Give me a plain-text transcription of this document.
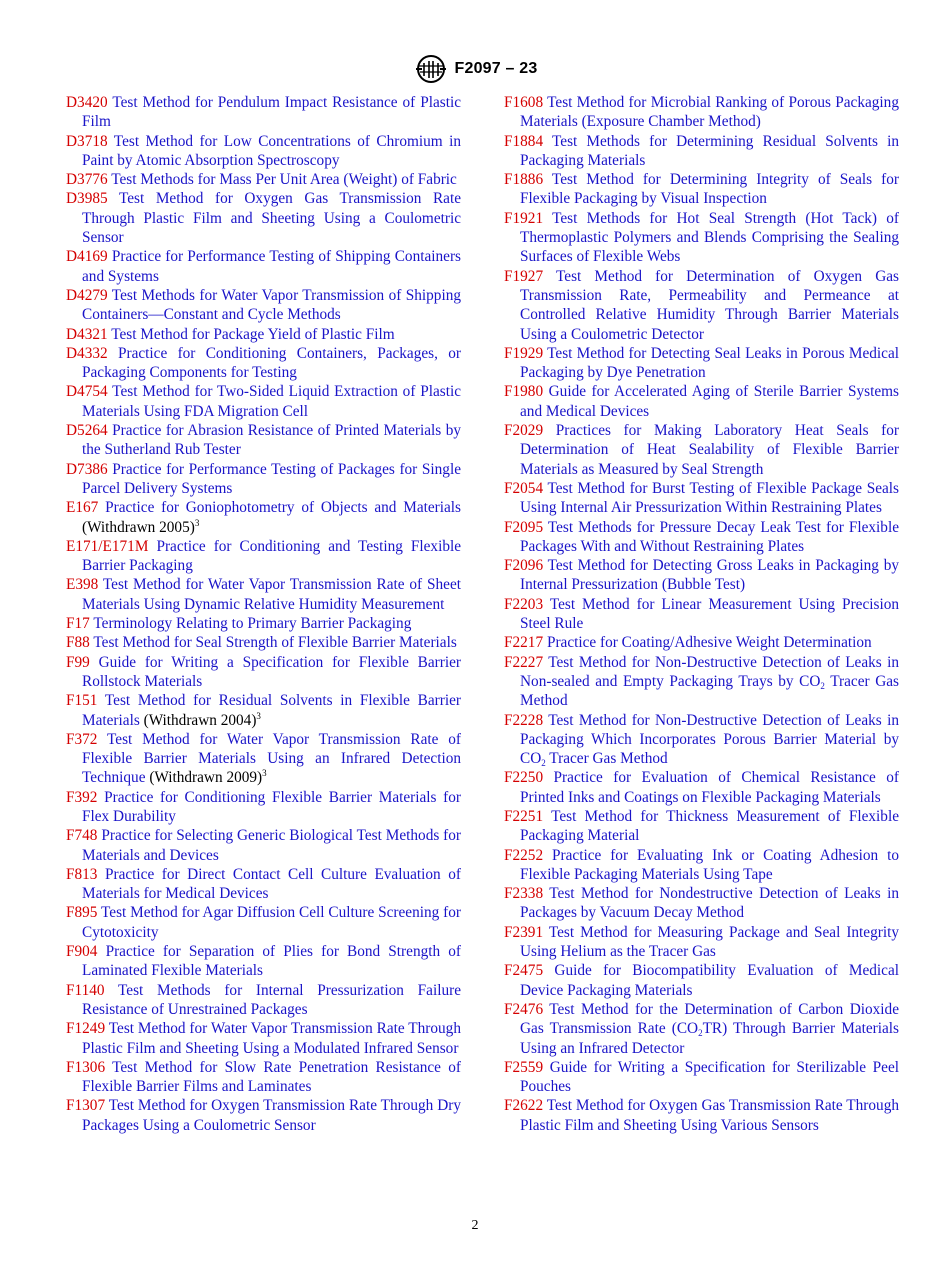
F2097 – 23

D3420 Test Method for Pendulum Impact Resistance of Plastic Film

D3718 Test Method for Low Concentrations of Chromium in Paint by Atomic Absorption Spectroscopy

D3776 Test Methods for Mass Per Unit Area (Weight) of Fabric

D3985 Test Method for Oxygen Gas Transmission Rate Through Plastic Film and Sheeting Using a Coulometric Sensor

D4169 Practice for Performance Testing of Shipping Containers and Systems

D4279 Test Methods for Water Vapor Transmission of Shipping Containers—Constant and Cycle Methods

D4321 Test Method for Package Yield of Plastic Film

D4332 Practice for Conditioning Containers, Packages, or Packaging Components for Testing

D4754 Test Method for Two-Sided Liquid Extraction of Plastic Materials Using FDA Migration Cell

D5264 Practice for Abrasion Resistance of Printed Materials by the Sutherland Rub Tester

D7386 Practice for Performance Testing of Packages for Single Parcel Delivery Systems

E167 Practice for Goniophotometry of Objects and Materials (Withdrawn 2005)$^3$

E171/E171M Practice for Conditioning and Testing Flexible Barrier Packaging

E398 Test Method for Water Vapor Transmission Rate of Sheet Materials Using Dynamic Relative Humidity Measurement

F17 Terminology Relating to Primary Barrier Packaging

F88 Test Method for Seal Strength of Flexible Barrier Materials

F99 Guide for Writing a Specification for Flexible Barrier Rollstock Materials

F151 Test Method for Residual Solvents in Flexible Barrier Materials (Withdrawn 2004)$^3$

F372 Test Method for Water Vapor Transmission Rate of Flexible Barrier Materials Using an Infrared Detection Technique (Withdrawn 2009)$^3$

F392 Practice for Conditioning Flexible Barrier Materials for Flex Durability

F748 Practice for Selecting Generic Biological Test Methods for Materials and Devices

F813 Practice for Direct Contact Cell Culture Evaluation of Materials for Medical Devices

F895 Test Method for Agar Diffusion Cell Culture Screening for Cytotoxicity

F904 Practice for Separation of Plies for Bond Strength of Laminated Flexible Materials

F1140 Test Methods for Internal Pressurization Failure Resistance of Unrestrained Packages

F1249 Test Method for Water Vapor Transmission Rate Through Plastic Film and Sheeting Using a Modulated Infrared Sensor

F1306 Test Method for Slow Rate Penetration Resistance of Flexible Barrier Films and Laminates

F1307 Test Method for Oxygen Transmission Rate Through Dry Packages Using a Coulometric Sensor

F1608 Test Method for Microbial Ranking of Porous Packaging Materials (Exposure Chamber Method)

F1884 Test Methods for Determining Residual Solvents in Packaging Materials

F1886 Test Method for Determining Integrity of Seals for Flexible Packaging by Visual Inspection

F1921 Test Methods for Hot Seal Strength (Hot Tack) of Thermoplastic Polymers and Blends Comprising the Sealing Surfaces of Flexible Webs

F1927 Test Method for Determination of Oxygen Gas Transmission Rate, Permeability and Permeance at Controlled Relative Humidity Through Barrier Materials Using a Coulometric Detector

F1929 Test Method for Detecting Seal Leaks in Porous Medical Packaging by Dye Penetration

F1980 Guide for Accelerated Aging of Sterile Barrier Systems and Medical Devices

F2029 Practices for Making Laboratory Heat Seals for Determination of Heat Sealability of Flexible Barrier Materials as Measured by Seal Strength

F2054 Test Method for Burst Testing of Flexible Package Seals Using Internal Air Pressurization Within Restraining Plates

F2095 Test Methods for Pressure Decay Leak Test for Flexible Packages With and Without Restraining Plates

F2096 Test Method for Detecting Gross Leaks in Packaging by Internal Pressurization (Bubble Test)

F2203 Test Method for Linear Measurement Using Precision Steel Rule

F2217 Practice for Coating/Adhesive Weight Determination

F2227 Test Method for Non-Destructive Detection of Leaks in Non-sealed and Empty Packaging Trays by CO2 Tracer Gas Method

F2228 Test Method for Non-Destructive Detection of Leaks in Packaging Which Incorporates Porous Barrier Material by CO2 Tracer Gas Method

F2250 Practice for Evaluation of Chemical Resistance of Printed Inks and Coatings on Flexible Packaging Materials

F2251 Test Method for Thickness Measurement of Flexible Packaging Material

F2252 Practice for Evaluating Ink or Coating Adhesion to Flexible Packaging Materials Using Tape

F2338 Test Method for Nondestructive Detection of Leaks in Packages by Vacuum Decay Method

F2391 Test Method for Measuring Package and Seal Integrity Using Helium as the Tracer Gas

F2475 Guide for Biocompatibility Evaluation of Medical Device Packaging Materials

F2476 Test Method for the Determination of Carbon Dioxide Gas Transmission Rate (CO2TR) Through Barrier Materials Using an Infrared Detector

F2559 Guide for Writing a Specification for Sterilizable Peel Pouches

F2622 Test Method for Oxygen Gas Transmission Rate Through Plastic Film and Sheeting Using Various Sensors

2
